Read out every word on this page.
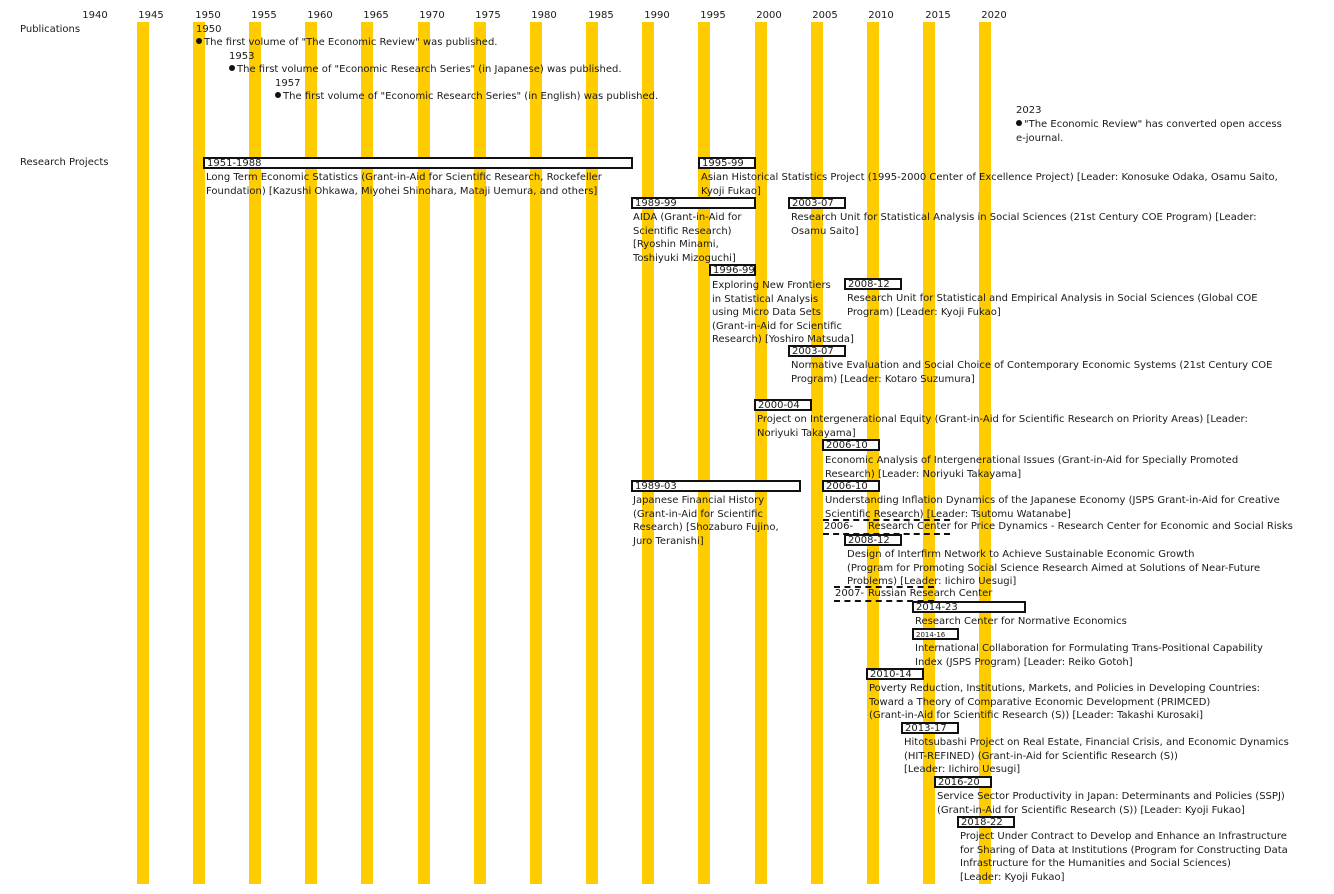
1940	1945	1950	1955	1960	1965	1970	1975	1980	1985	1990	1995	2000	2005	2010	2015	2020
Publications
Research Projects
1950
The first volume of "The Economic Review" was published.
1953
The first volume of "Economic Research Series" (in Japanese) was published.
1957
The first volume of "Economic Research Series" (in English) was published.
2023
"The Economic Review" has converted open access
e-journal.
1951-1988
Long Term Economic Statistics (Grant-in-Aid for Scientific Research, Rockefeller
Foundation) [Kazushi Ohkawa, Miyohei Shinohara, Mataji Uemura, and others]
1995-99
Asian Historical Statistics Project (1995-2000 Center of Excellence Project) [Leader: Konosuke Odaka, Osamu Saito,
Kyoji Fukao]
1989-99
AIDA (Grant-in-Aid for
Scientific Research)
[Ryoshin Minami,
Toshiyuki Mizoguchi]
2003-07
Research Unit for Statistical Analysis in Social Sciences (21st Century COE Program) [Leader:
Osamu Saito]
1996-99
Exploring New Frontiers
in Statistical Analysis
using Micro Data Sets
(Grant-in-Aid for Scientific
Research) [Yoshiro Matsuda]
2008-12
Research Unit for Statistical and Empirical Analysis in Social Sciences (Global COE
Program) [Leader: Kyoji Fukao]
2003-07
Normative Evaluation and Social Choice of Contemporary Economic Systems (21st Century COE
Program) [Leader: Kotaro Suzumura]
2000-04
Project on Intergenerational Equity (Grant-in-Aid for Scientific Research on Priority Areas) [Leader:
Noriyuki Takayama]
2006-10
Economic Analysis of Intergenerational Issues (Grant-in-Aid for Specially Promoted
Research) [Leader: Noriyuki Takayama]
1989-03
Japanese Financial History
(Grant-in-Aid for Scientific
Research) [Shozaburo Fujino,
Juro Teranishi]
2006-10
Understanding Inflation Dynamics of the Japanese Economy (JSPS Grant-in-Aid for Creative
Scientific Research) [Leader: Tsutomu Watanabe]
2006- Research Center for Price Dynamics - Research Center for Economic and Social Risks
2008-12
Design of Interfirm Network to Achieve Sustainable Economic Growth
(Program for Promoting Social Science Research Aimed at Solutions of Near-Future
Problems) [Leader: Iichiro Uesugi]
2007- Russian Research Center
2014-23
Research Center for Normative Economics
2014-16
International Collaboration for Formulating Trans-Positional Capability
Index (JSPS Program) [Leader: Reiko Gotoh]
2010-14
Poverty Reduction, Institutions, Markets, and Policies in Developing Countries:
Toward a Theory of Comparative Economic Development (PRIMCED)
(Grant-in-Aid for Scientific Research (S)) [Leader: Takashi Kurosaki]
2013-17
Hitotsubashi Project on Real Estate, Financial Crisis, and Economic Dynamics
(HIT-REFINED) (Grant-in-Aid for Scientific Research (S))
[Leader: Iichiro Uesugi]
2016-20
Service Sector Productivity in Japan: Determinants and Policies (SSPJ)
(Grant-in-Aid for Scientific Research (S)) [Leader: Kyoji Fukao]
2018-22
Project Under Contract to Develop and Enhance an Infrastructure
for Sharing of Data at Institutions (Program for Constructing Data
Infrastructure for the Humanities and Social Sciences)
[Leader: Kyoji Fukao]
